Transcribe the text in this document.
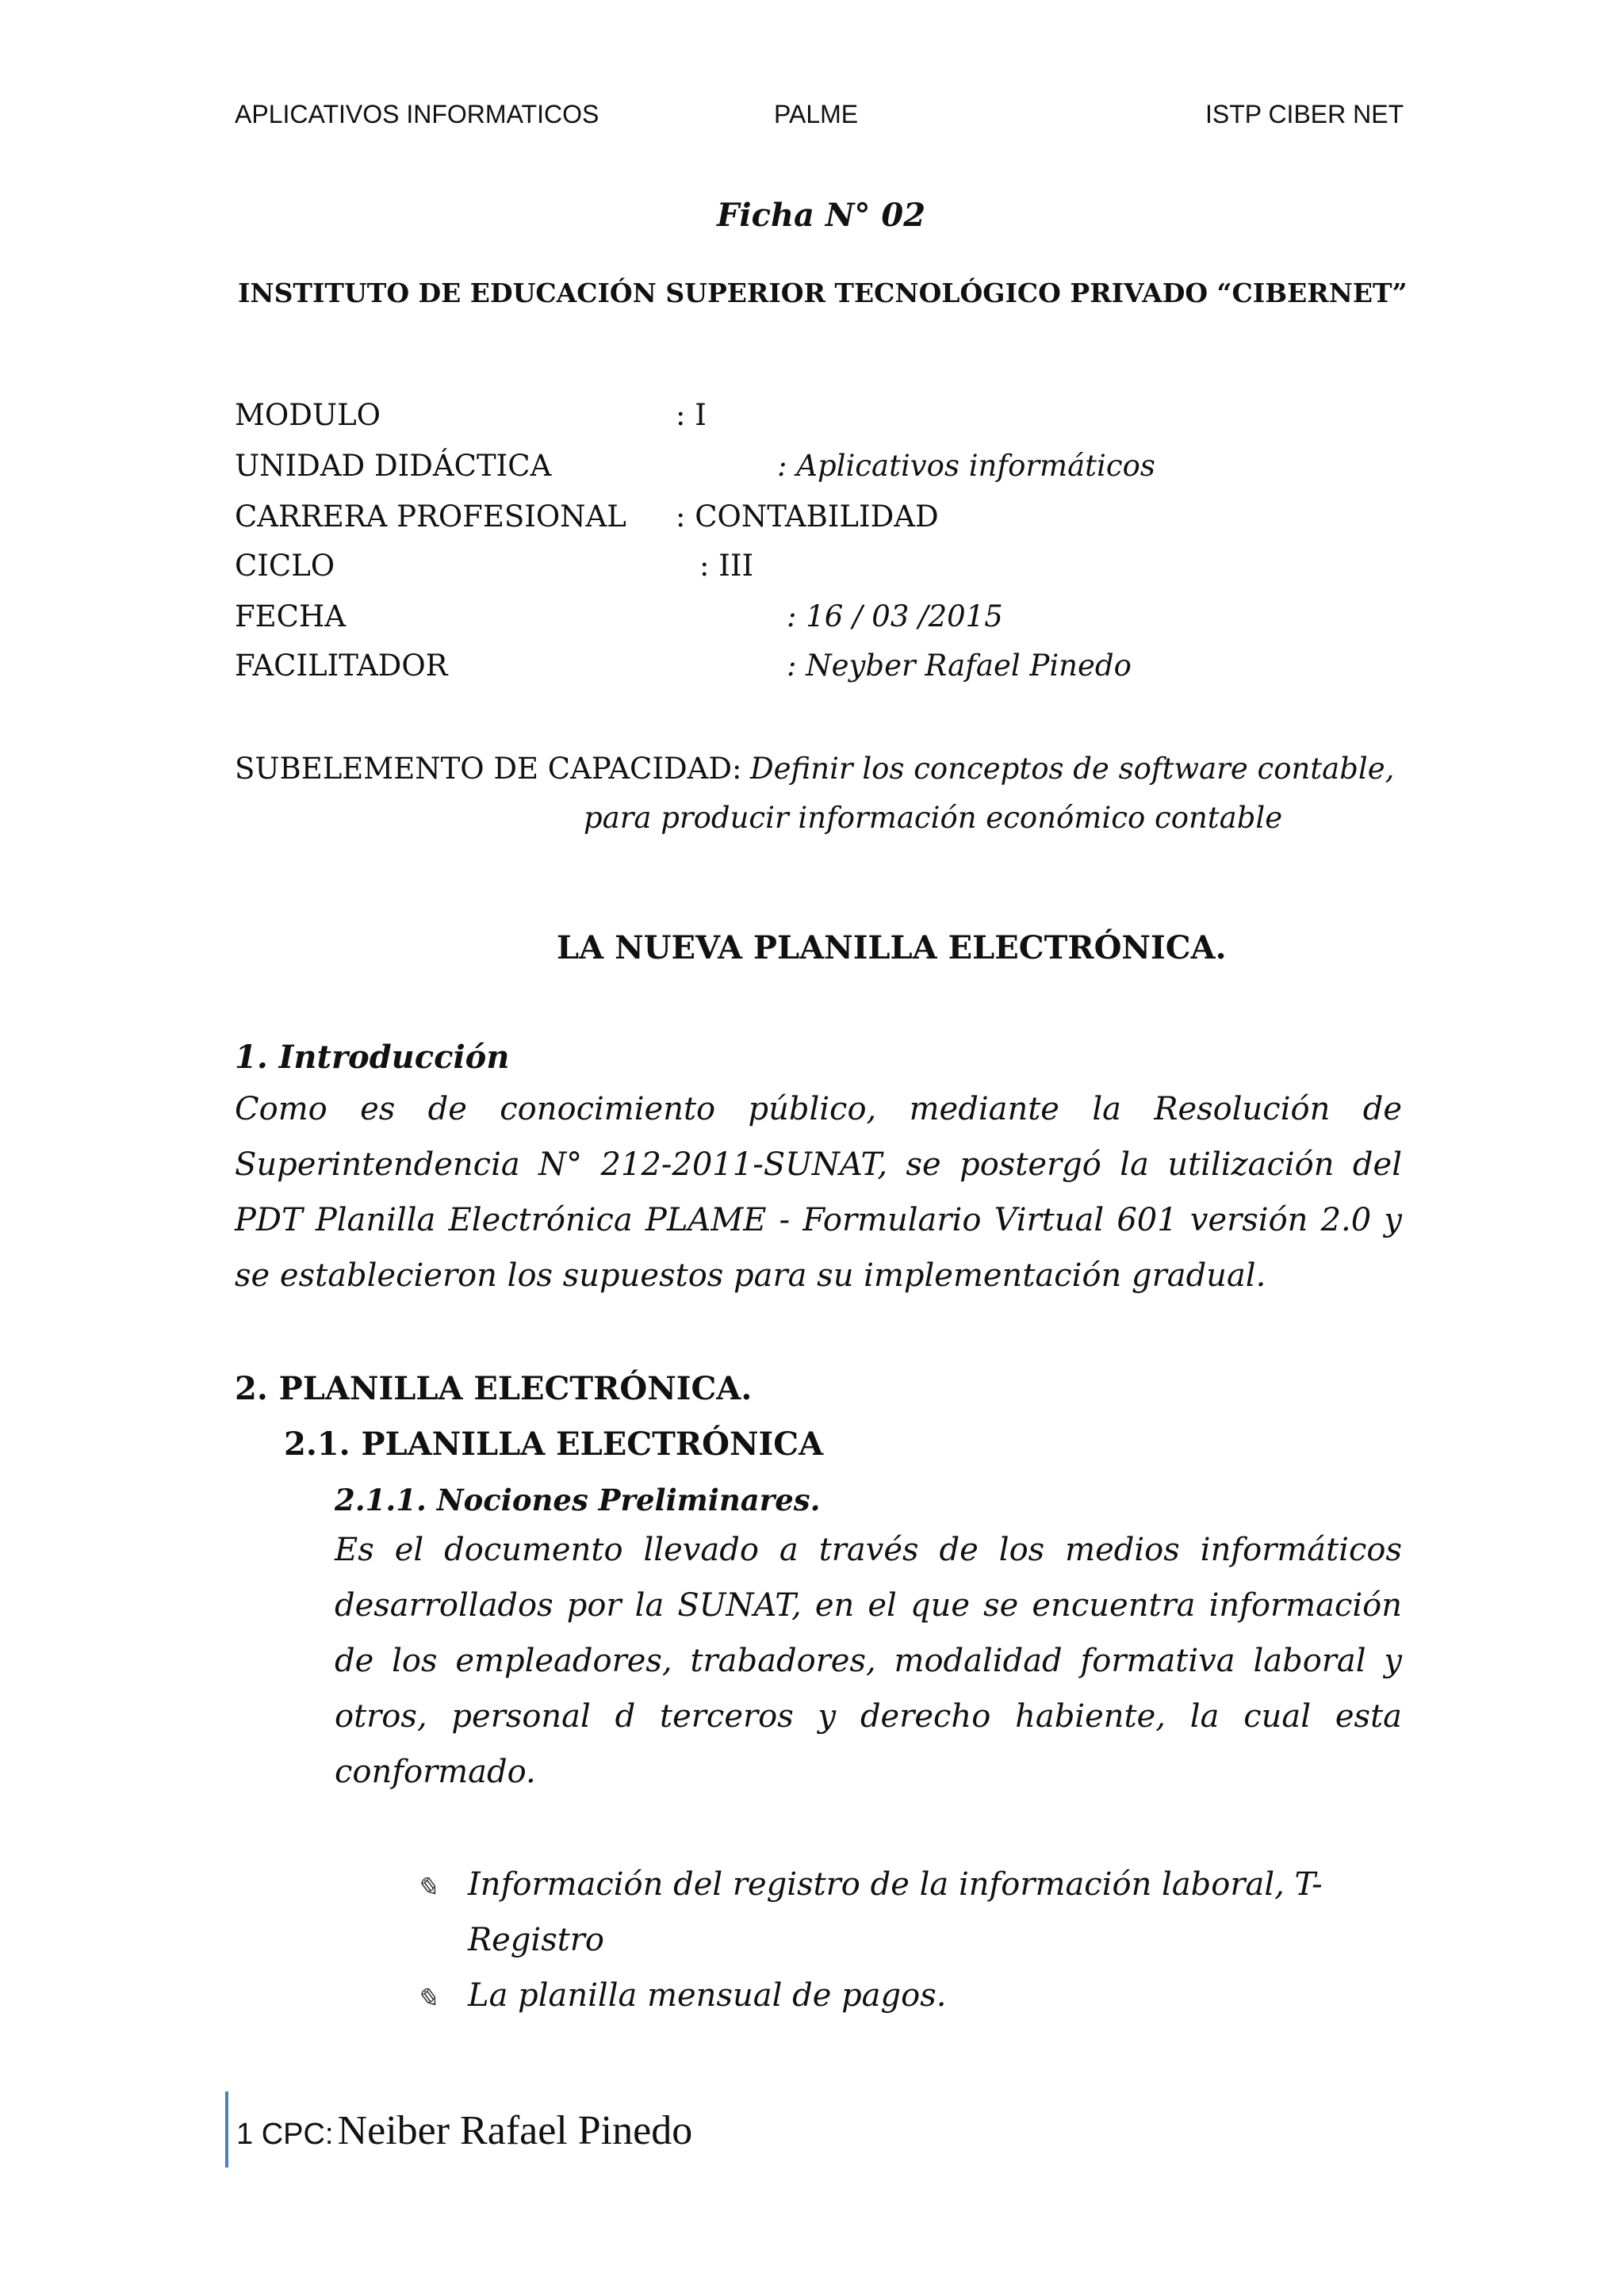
APLICATIVOS INFORMATICOS	PALME	ISTP CIBER NET
Ficha N° 02
INSTITUTO DE EDUCACIÓN SUPERIOR TECNOLÓGICO PRIVADO “CIBERNET”
MODULO	: I
UNIDAD DIDÁCTICA	: Aplicativos informáticos
CARRERA PROFESIONAL : CONTABILIDAD
CICLO	: III
FECHA	: 16 / 03 /2015
FACILITADOR	: Neyber Rafael Pinedo
SUBELEMENTO DE CAPACIDAD: Definir los conceptos de software contable,
para producir información económico contable
LA NUEVA PLANILLA ELECTRÓNICA.
1. Introducción
Como es de conocimiento público, mediante la Resolución de Superintendencia N° 212-2011-SUNAT, se postergó la utilización del PDT Planilla Electrónica PLAME - Formulario Virtual 601 versión 2.0 y se establecieron los supuestos para su implementación gradual.
2. PLANILLA ELECTRÓNICA.
2.1. PLANILLA ELECTRÓNICA
2.1.1. Nociones Preliminares.
Es el documento llevado a través de los medios informáticos desarrollados por la SUNAT, en el que se encuentra información de los empleadores, trabadores, modalidad formativa laboral y otros, personal d terceros y derecho habiente, la cual esta conformado.
✎ Información del registro de la información laboral, T-Registro
✎ La planilla mensual de pagos.
1 CPC: Neiber Rafael Pinedo
